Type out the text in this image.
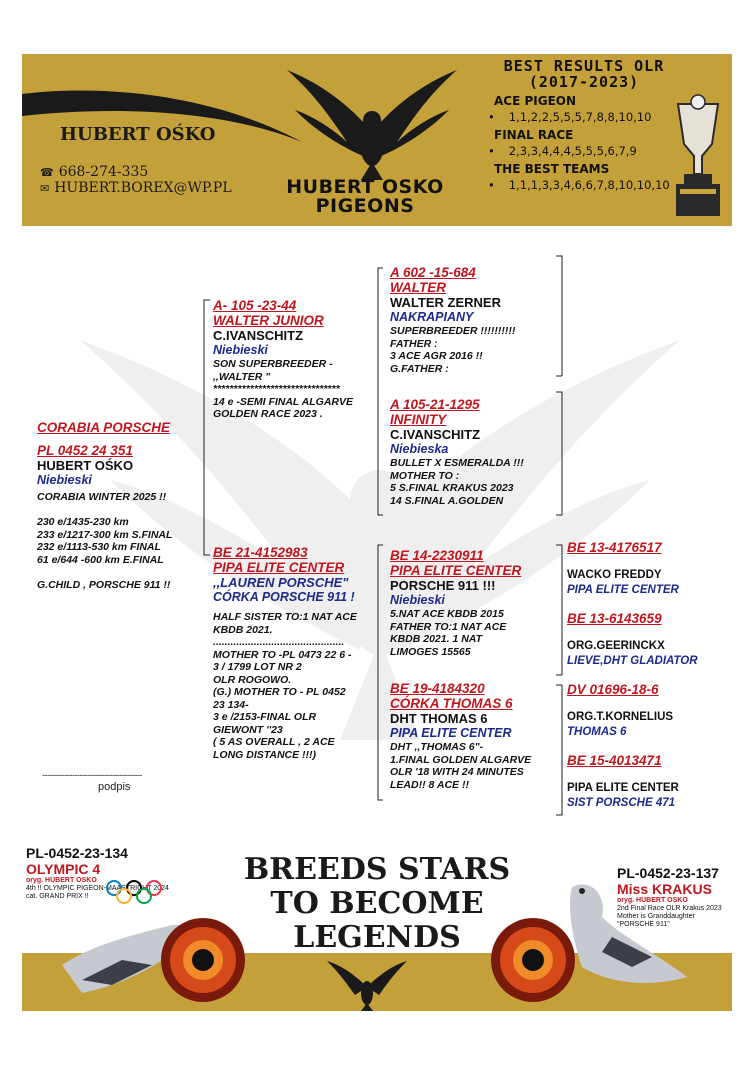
HUBERT OŚKO
☎ 668-274-335
✉ HUBERT.BOREX@WP.PL	HUBERT OSKO
PIGEONS
BEST RESULTS OLR
(2017-2023)
ACE PIGEON
• 1,1,2,2,5,5,5,7,8,8,10,10
FINAL RACE
• 2,3,3,4,4,4,5,5,5,6,7,9
THE BEST TEAMS
• 1,1,1,3,3,4,6,6,7,8,10,10,10
CORABIA PORSCHE
PL 0452 24 351
HUBERT OŚKO
Niebieski
CORABIA WINTER 2025 !!

230 e/1435-230 km
233 e/1217-300 km S.FINAL
232 e/1113-530 km FINAL
61 e/644 -600 km E.FINAL

G.CHILD , PORSCHE 911 !!
A- 105 -23-44
WALTER JUNIOR
C.IVANSCHITZ
Niebieski
SON SUPERBREEDER -
,,WALTER "
*******************************
14 e -SEMI FINAL ALGARVE
GOLDEN RACE 2023 .
BE 21-4152983
PIPA ELITE CENTER
,,LAUREN PORSCHE"
CÓRKA PORSCHE 911 !
HALF SISTER TO:1 NAT ACE
KBDB 2021.
.............................................
MOTHER TO -PL 0473 22 6 -
3 / 1799 LOT NR 2
OLR ROGOWO.
(G.) MOTHER TO - PL 0452
23 134-
3 e /2153-FINAL OLR
GIEWONT ''23
( 5 AS OVERALL , 2 ACE
LONG DISTANCE !!!)
A 602 -15-684
WALTER
WALTER ZERNER
NAKRAPIANY
SUPERBREEDER !!!!!!!!!!
FATHER :
3 ACE AGR 2016 !!
G.FATHER :
A 105-21-1295
INFINITY
C.IVANSCHITZ
Niebieska
BULLET X ESMERALDA !!!
MOTHER TO :
5 S.FINAL KRAKUS 2023
14 S.FINAL A.GOLDEN
BE 14-2230911
PIPA ELITE CENTER
PORSCHE 911 !!!
Niebieski
5.NAT ACE KBDB 2015
FATHER TO:1 NAT ACE
KBDB 2021. 1 NAT
LIMOGES 15565
BE 19-4184320
CÓRKA THOMAS 6
DHT THOMAS 6
PIPA ELITE CENTER
DHT ,,THOMAS 6"-
1.FINAL GOLDEN ALGARVE
OLR '18 WITH 24 MINUTES
LEAD!! 8 ACE !!
BE 13-4176517
WACKO FREDDY
PIPA ELITE CENTER
BE 13-6143659
ORG.GEERINCKX
LIEVE,DHT GLADIATOR
DV 01696-18-6
ORG.T.KORNELIUS
THOMAS 6
BE 15-4013471
PIPA ELITE CENTER
SIST PORSCHE 471
----------------------------------------
podpis
PL-0452-23-134
OLYMPIC 4
oryg. HUBERT OSKO
4th !! OLYMPIC PIGEON-MAASTRICHT 2024
cat. GRAND PRIX !!
BREEDS STARS
TO BECOME
LEGENDS
PL-0452-23-137
Miss KRAKUS
oryg. HUBERT OSKO
2nd Final Race OLR Krakus 2023
Mother is Granddaughter "PORSCHE 911"
